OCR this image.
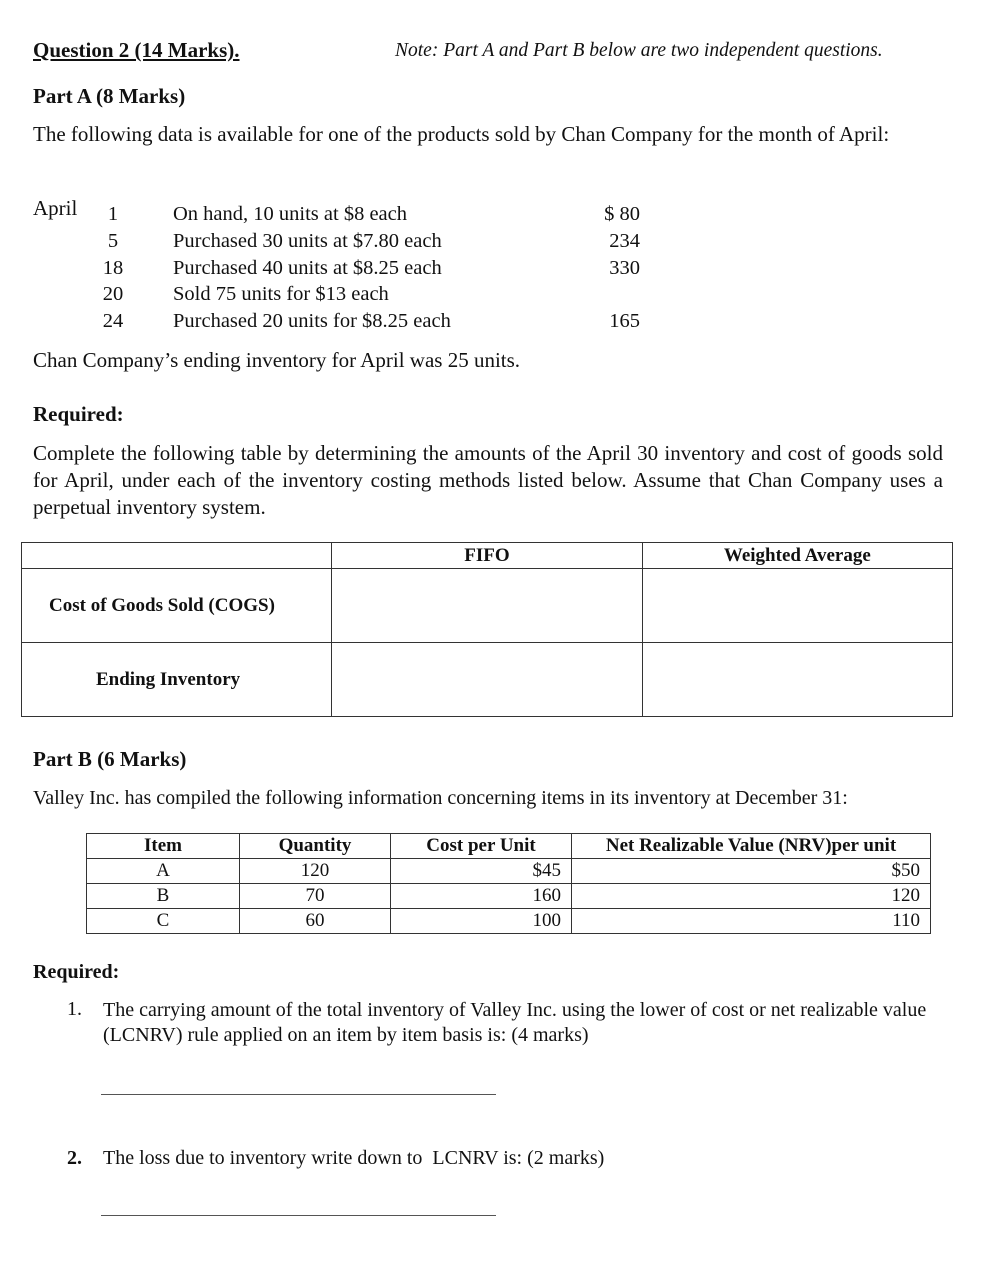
Question 2 (14 Marks).	Note: Part A and Part B below are two independent questions.
Part A (8 Marks)
The following data is available for one of the products sold by Chan Company for the month of April:
April	1	On hand, 10 units at $8 each	$ 80
5	Purchased 30 units at $7.80 each	234
18	Purchased 40 units at $8.25 each	330
20	Sold 75 units for $13 each
24	Purchased 20 units for $8.25 each	165
Chan Company’s ending inventory for April was 25 units.
Required:
Complete the following table by determining the amounts of the April 30 inventory and cost of goods sold for April, under each of the inventory costing methods listed below. Assume that Chan Company uses a perpetual inventory system.
	FIFO	Weighted Average
Cost of Goods Sold (COGS)		
Ending Inventory		
Part B (6 Marks)
Valley Inc. has compiled the following information concerning items in its inventory at December 31:
Item	Quantity	Cost per Unit	Net Realizable Value (NRV)per unit
A	120	$45	$50
B	70	160	120
C	60	100	110
Required:
1. The carrying amount of the total inventory of Valley Inc. using the lower of cost or net realizable value (LCNRV) rule applied on an item by item basis is: (4 marks)
2. The loss due to inventory write down to  LCNRV is: (2 marks)
